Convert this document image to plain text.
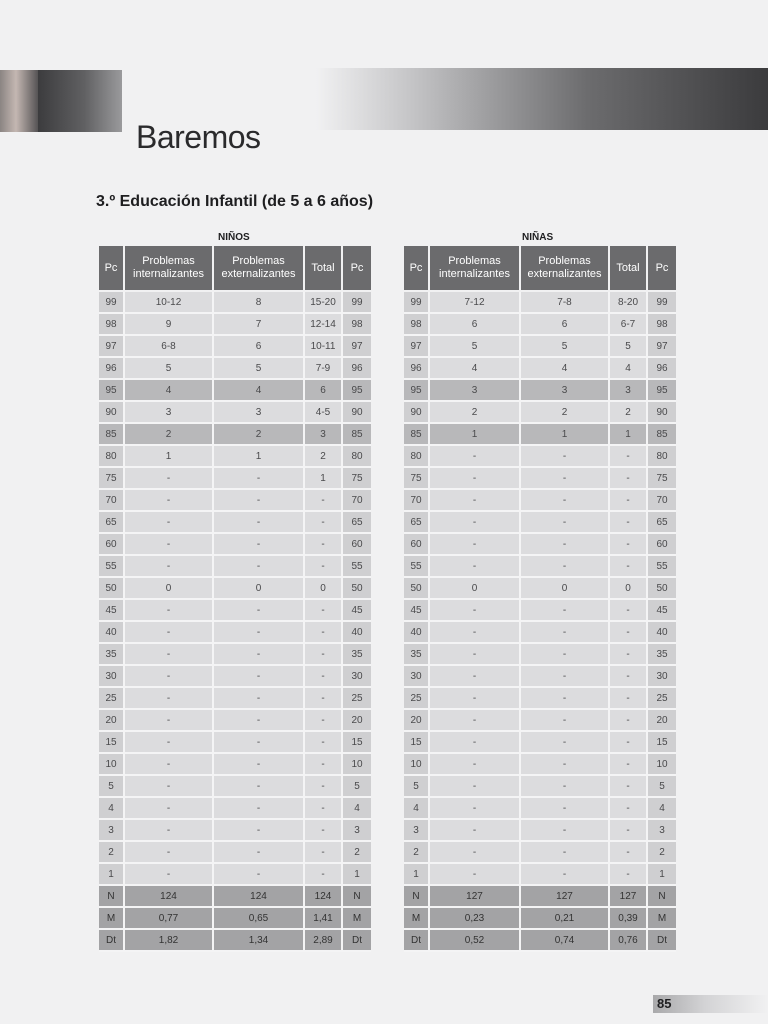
Baremos
3.º Educación Infantil (de 5 a 6 años)
NIÑOS	NIÑAS
Pc	Problemas internalizantes	Problemas externalizantes	Total	Pc
99	10-12	8	15-20	99
98	9	7	12-14	98
97	6-8	6	10-11	97
96	5	5	7-9	96
95	4	4	6	95
90	3	3	4-5	90
85	2	2	3	85
80	1	1	2	80
75	-	-	1	75
70	-	-	-	70
65	-	-	-	65
60	-	-	-	60
55	-	-	-	55
50	0	0	0	50
45	-	-	-	45
40	-	-	-	40
35	-	-	-	35
30	-	-	-	30
25	-	-	-	25
20	-	-	-	20
15	-	-	-	15
10	-	-	-	10
5	-	-	-	5
4	-	-	-	4
3	-	-	-	3
2	-	-	-	2
1	-	-	-	1
N	124	124	124	N
M	0,77	0,65	1,41	M
Dt	1,82	1,34	2,89	Dt
Pc	Problemas internalizantes	Problemas externalizantes	Total	Pc
99	7-12	7-8	8-20	99
98	6	6	6-7	98
97	5	5	5	97
96	4	4	4	96
95	3	3	3	95
90	2	2	2	90
85	1	1	1	85
80	-	-	-	80
75	-	-	-	75
70	-	-	-	70
65	-	-	-	65
60	-	-	-	60
55	-	-	-	55
50	0	0	0	50
45	-	-	-	45
40	-	-	-	40
35	-	-	-	35
30	-	-	-	30
25	-	-	-	25
20	-	-	-	20
15	-	-	-	15
10	-	-	-	10
5	-	-	-	5
4	-	-	-	4
3	-	-	-	3
2	-	-	-	2
1	-	-	-	1
N	127	127	127	N
M	0,23	0,21	0,39	M
Dt	0,52	0,74	0,76	Dt
85
